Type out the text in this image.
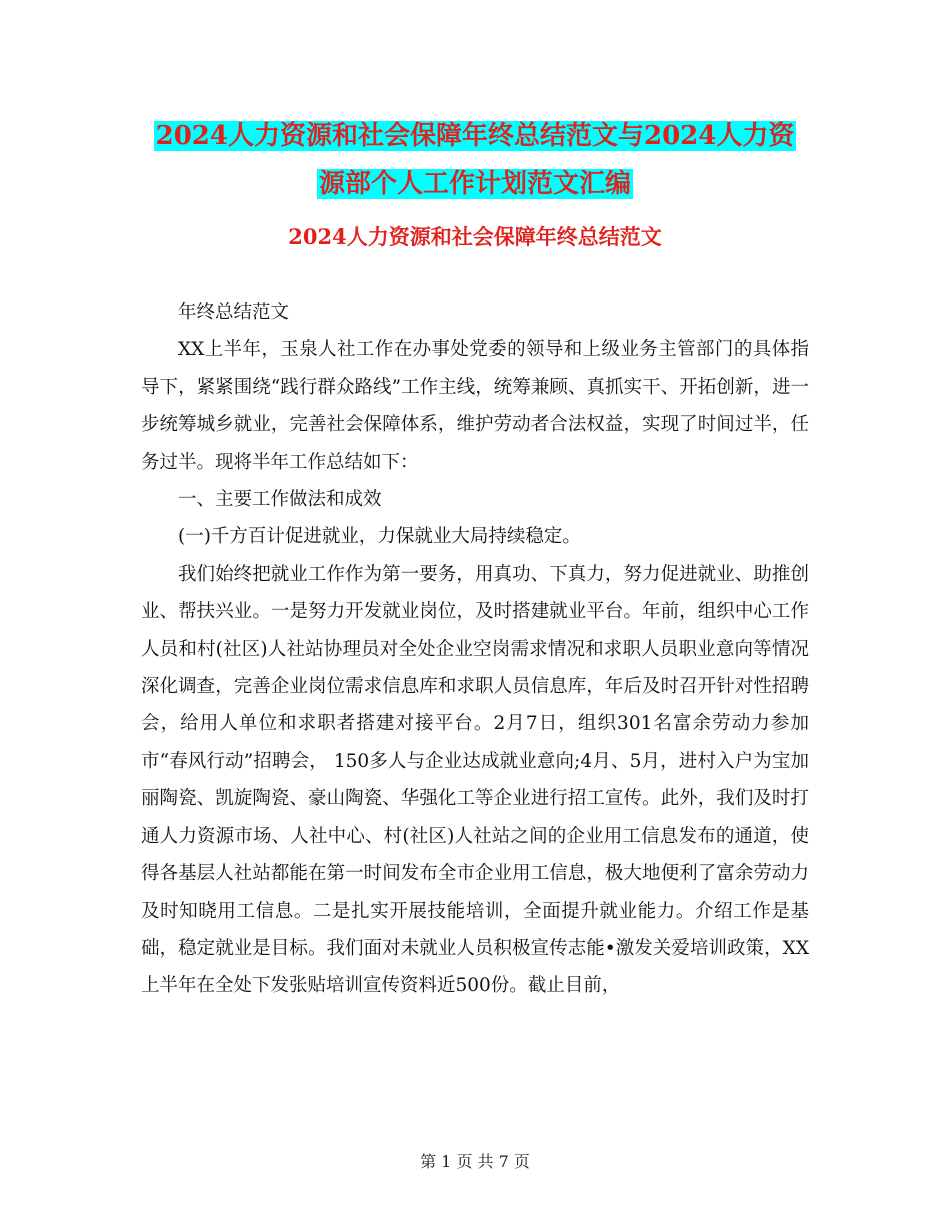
2024人力资源和社会保障年终总结范文与2024人力资
源部个人工作计划范文汇编
2024人力资源和社会保障年终总结范文

年终总结范文

XX上半年，玉泉人社工作在办事处党委的领导和上级业务主管部门的具体指导下，紧紧围绕“践行群众路线”工作主线，统筹兼顾、真抓实干、开拓创新，进一步统筹城乡就业，完善社会保障体系，维护劳动者合法权益，实现了时间过半，任务过半。现将半年工作总结如下：

一、主要工作做法和成效

(一)千方百计促进就业，力保就业大局持续稳定。

我们始终把就业工作作为第一要务，用真功、下真力，努力促进就业、助推创业、帮扶兴业。一是努力开发就业岗位，及时搭建就业平台。年前，组织中心工作人员和村(社区)人社站协理员对全处企业空岗需求情况和求职人员职业意向等情况深化调查，完善企业岗位需求信息库和求职人员信息库，年后及时召开针对性招聘会，给用人单位和求职者搭建对接平台。2月7日，组织301名富余劳动力参加市“春风行动”招聘会， 150多人与企业达成就业意向;4月、5月，进村入户为宝加丽陶瓷、凯旋陶瓷、豪山陶瓷、华强化工等企业进行招工宣传。此外，我们及时打通人力资源市场、人社中心、村(社区)人社站之间的企业用工信息发布的通道，使得各基层人社站都能在第一时间发布全市企业用工信息，极大地便利了富余劳动力及时知晓用工信息。二是扎实开展技能培训，全面提升就业能力。介绍工作是基础，稳定就业是目标。我们面对未就业人员积极宣传志能•激发关爱培训政策，XX上半年在全处下发张贴培训宣传资料近500份。截止目前，

第 1 页 共 7 页
